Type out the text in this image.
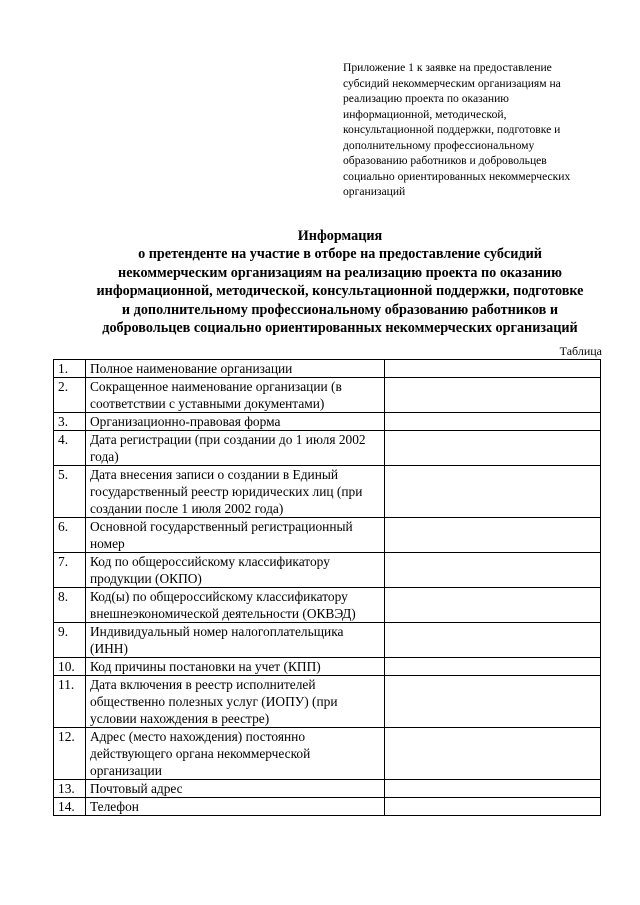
Приложение 1 к заявке на предоставление
субсидий некоммерческим организациям на
реализацию проекта по оказанию
информационной, методической,
консультационной поддержки, подготовке и
дополнительному профессиональному
образованию работников и добровольцев
социально ориентированных некоммерческих
организаций
Информация
о претенденте на участие в отборе на предоставление субсидий
некоммерческим организациям на реализацию проекта по оказанию
информационной, методической, консультационной поддержки, подготовке
и дополнительному профессиональному образованию работников и
добровольцев социально ориентированных некоммерческих организаций
Таблица
1.	Полное наименование организации	
2.	Сокращенное наименование организации (в соответствии с уставными документами)	
3.	Организационно-правовая форма	
4.	Дата регистрации (при создании до 1 июля 2002 года)	
5.	Дата внесения записи о создании в Единый государственный реестр юридических лиц (при создании после 1 июля 2002 года)	
6.	Основной государственный регистрационный номер	
7.	Код по общероссийскому классификатору продукции (ОКПО)	
8.	Код(ы) по общероссийскому классификатору внешнеэкономической деятельности (ОКВЭД)	
9.	Индивидуальный номер налогоплательщика (ИНН)	
10.	Код причины постановки на учет (КПП)	
11.	Дата включения в реестр исполнителей общественно полезных услуг (ИОПУ) (при условии нахождения в реестре)	
12.	Адрес (место нахождения) постоянно действующего органа некоммерческой организации	
13.	Почтовый адрес	
14.	Телефон	
